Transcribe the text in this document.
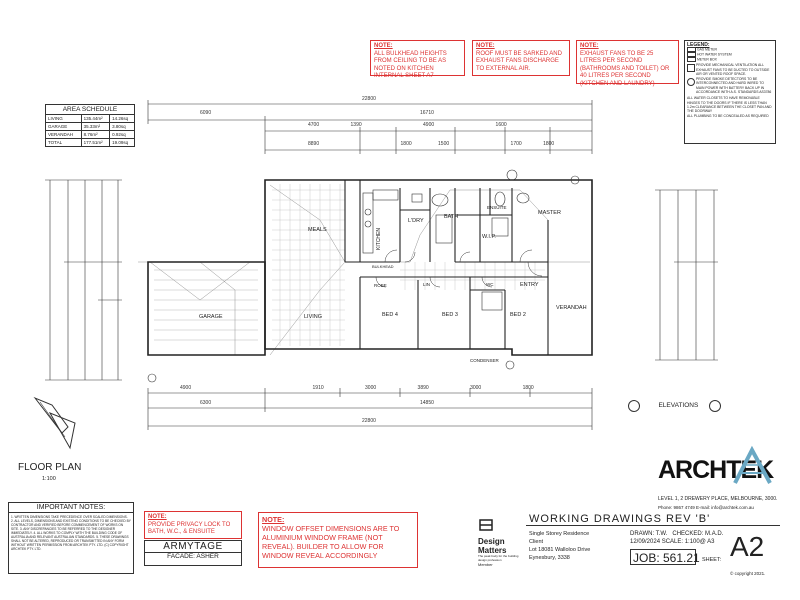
AREA SCHEDULE
LIVING	135.44m²	14.26sq
GARAGE	35.33m²	3.80sq
VERANDAH	8.76m²	0.92sq
TOTAL	177.51m²	19.09sq
NOTE:
ALL BULKHEAD HEIGHTS FROM CEILING TO BE AS NOTED ON KITCHEN INTERNAL SHEET A7
NOTE:
ROOF MUST BE SARKED AND EXHAUST FANS DISCHARGE TO EXTERNAL AIR.
NOTE:
EXHAUST FANS TO BE 25 LITRES PER SECOND (BATHROOMS AND TOILET) OR 40 LITRES PER SECOND (KITCHEN AND LAUNDRY)
LEGEND:
GAS METER
HOT WATER SYSTEM
METER BOX
PROVIDE MECHANICAL VENTILATION ALL EXHAUST FANS TO BE DUCTED TO OUTSIDE AIR OR VENTED ROOF SPACE.
PROVIDE SMOKE DETECTORS TO BE INTERCONNECTED AND HARD WIRED TO MAIN POWER WITH BATTERY BACK UP IN ACCORDANCE WITH A.S. STANDARDS AS3786
ALL WATER CLOSETS TO HAVE REMOVABLE HINGES TO THE DOORS IF THERE IS LESS THAN 1.2m CLEARANCE BETWEEN THE CLOSET PAN AND THE DOORWAY
ALL PLUMBING TO BE CONCEALED AS REQUIRED
MEALS	KITCHEN
L'DRY
BATH
W.I.P.
ENSUITE
MASTER
GARAGE	LIVING	BED 4	BED 3	BED 2
ENTRY
VERANDAH
ROBE	LIN	WC
CONDENSER
BULKHEAD
22800
6090	16710
4700	1390	4900	1600
8890	1800	1500	1700	1800
4900	1910	3000	3890	3000	1800
6300	14850
22800
FLOOR PLAN
1:100
ELEVATIONS
ARCHTEK
LEVEL 1, 2 DREWERY PLACE, MELBOURNE, 3000.
Phone: 9867 4749 E-mail: info@archtek.com.au
IMPORTANT NOTES:
1. WRITTEN DIMENSIONS TAKE PRECEDENCE OVER SCALED DIMENSIONS. 2. ALL LEVELS, DIMENSIONS AND EXISTING CONDITIONS TO BE CHECKED BY CONTRACTOR AND VERIFIED BEFORE COMMENCEMENT OF WORKS ON SITE. 3. ANY DISCREPANCIES TO BE REFERRED TO THE DESIGNER IMMEDIATELY. 4. ALL WORKS TO COMPLY WITH THE BUILDING CODE OF AUSTRALIA AND RELEVANT AUSTRALIAN STANDARDS. 5. THESE DRAWINGS SHALL NOT BE ALTERED, REPRODUCED OR TRANSMITTED IN ANY FORM WITHOUT WRITTEN PERMISSION FROM ARCHTEK PTY. LTD. (C) COPYRIGHT ARCHTEK PTY. LTD.
NOTE:
PROVIDE PRIVACY LOCK TO BATH, W.C., & ENSUITE
ARMYTAGE
FACADE: ASHER
NOTE:
WINDOW OFFSET DIMENSIONS ARE TO ALUMINIUM WINDOW FRAME (NOT REVEAL). BUILDER TO ALLOW FOR WINDOW REVEAL ACCORDINGLY
Design Matters
The peak body for the building design profession
Member
WORKING DRAWINGS REV 'B'
Single Storey Residence
Client
Lot 18081 Walloloo Drive
Eynesbury, 3338
DRAWN: T.W. CHECKED: M.A.D.
12/09/2024 SCALE: 1:100@ A3
JOB: 561.21 SHEET: A2
© copyright 2021.
